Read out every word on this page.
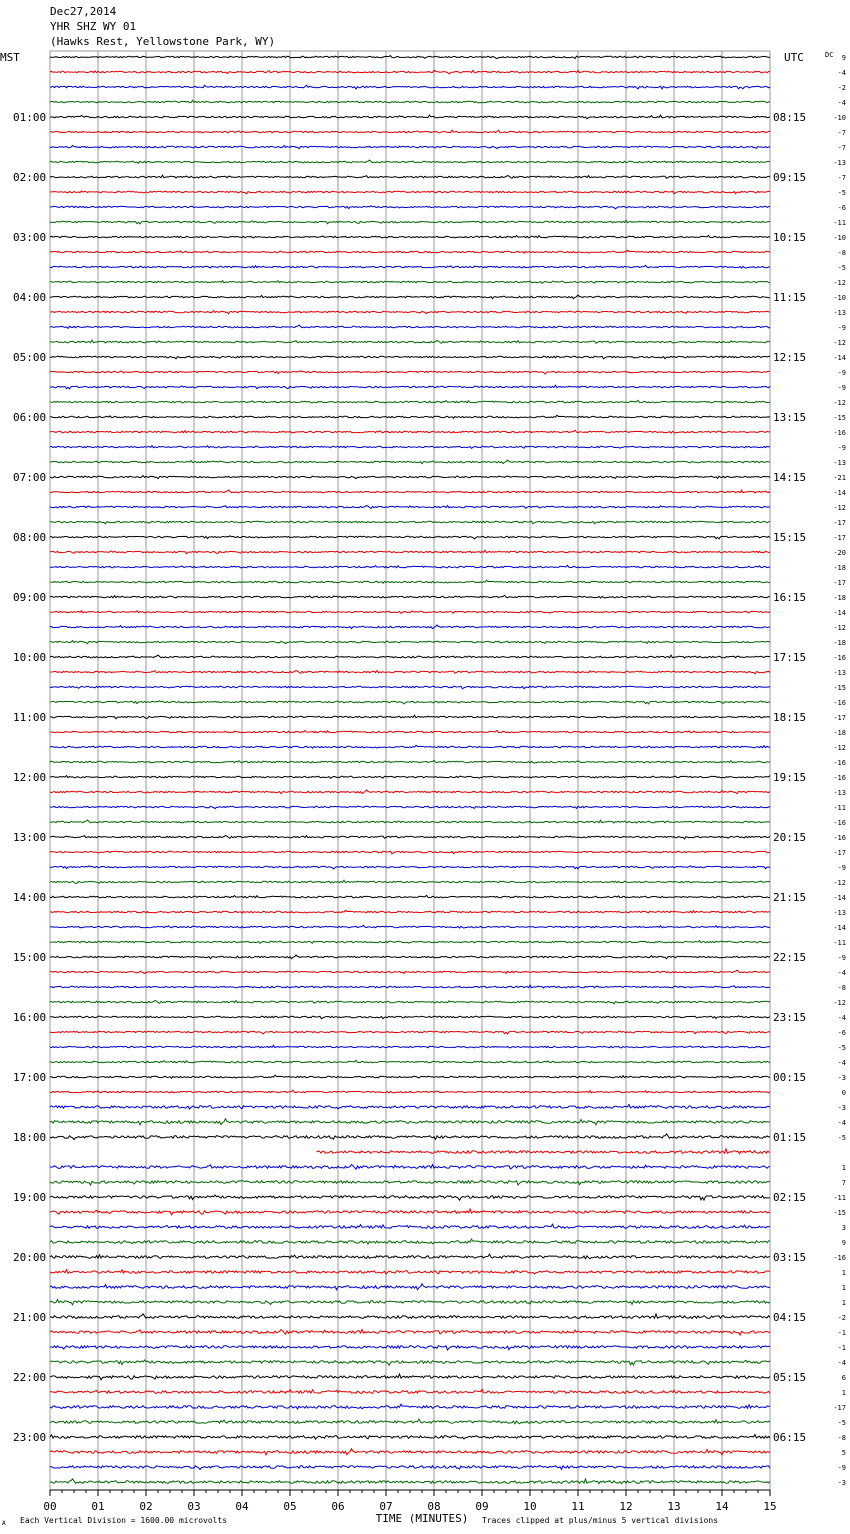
Dec27,2014
YHR SHZ WY 01
(Hawks Rest, Yellowstone Park, WY)
MST	UTC	DC
01:00
02:00
03:00
04:00
05:00
06:00
07:00
08:00
09:00
10:00
11:00
12:00
13:00
14:00
15:00
16:00
17:00
18:00
19:00
20:00
21:00
22:00
23:00
08:15
09:15
10:15
11:15
12:15
13:15
14:15
15:15
16:15
17:15
18:15
19:15
20:15
21:15
22:15
23:15
00:15
01:15
02:15
03:15
04:15
05:15
06:15
9
-4
-2
-4
-10
-7
-7
-13
-7
-5
-6
-11
-10
-8
-5
-12
-10
-13
-9
-12
-14
-9
-9
-12
-15
-16
-9
-13
-21
-14
-12
-17
-17
-20
-18
-17
-18
-14
-12
-18
-16
-13
-15
-16
-17
-18
-12
-16
-16
-13
-11
-16
-16
-17
-9
-12
-14
-13
-14
-11
-9
-4
-8
-12
-4
-6
-5
-4
-3
0
-3
-4
-5
1
7
-11
-15
3
9
-16
1
1
1
-2
-1
-1
-4
6
1
-17
-5
-8
5
-9
-3
00	01	02	03	04	05	06	07	08	09	10	11	12	13	14	15
TIME (MINUTES)
Each Vertical Division = 1600.00 microvolts	Traces clipped at plus/minus 5 vertical divisions
A
